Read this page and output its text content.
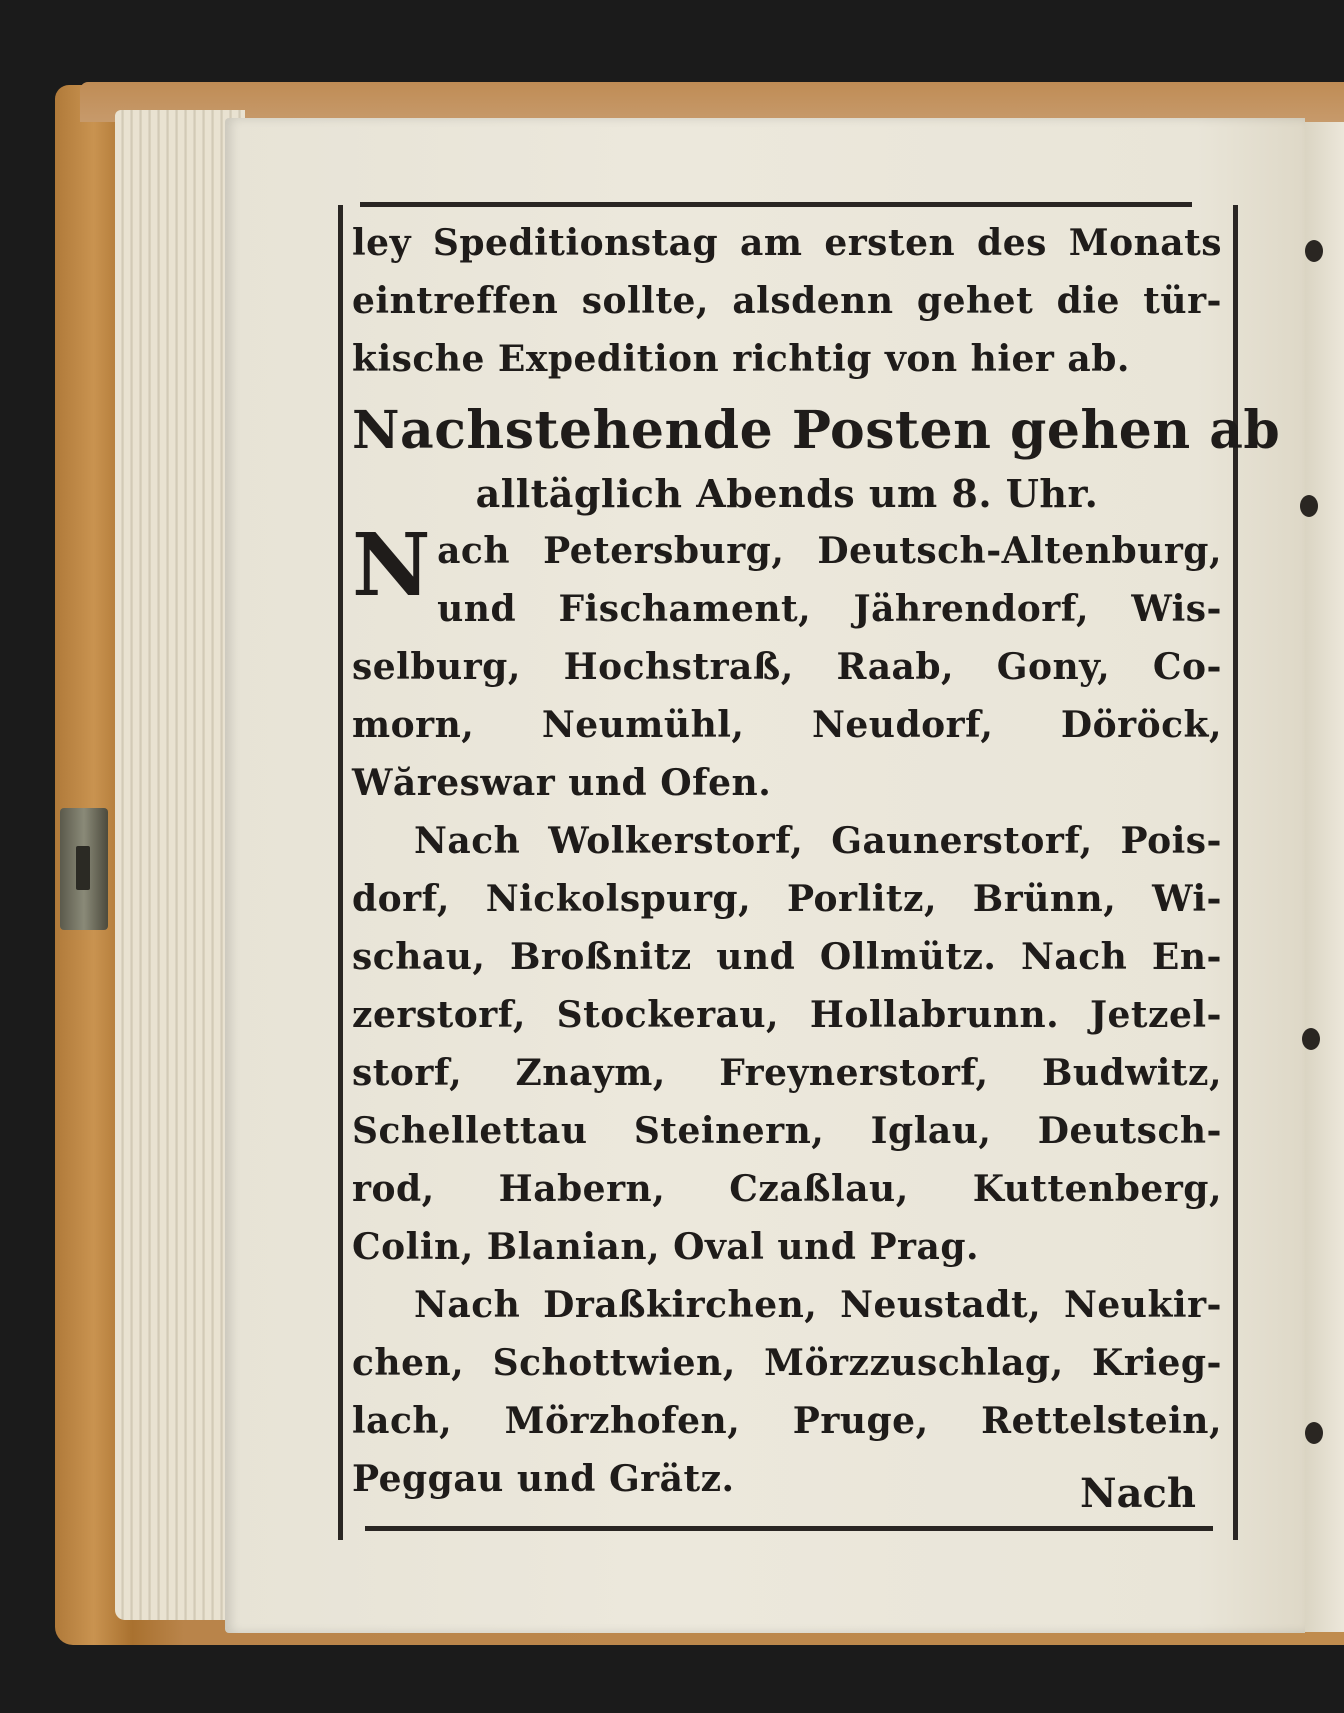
ley Speditionstag am ersten des Monats

eintreffen sollte, alsdenn gehet die tür-

kische Expedition richtig von hier ab.

Nachstehende Posten gehen ab

alltäglich Abends um 8. Uhr.

N ach Petersburg, Deutsch-Altenburg,

und Fischament, Jährendorf, Wis-

selburg, Hochstraß, Raab, Gony, Co-

morn, Neumühl, Neudorf, Döröck,

Wăreswar und Ofen.

Nach Wolkerstorf, Gaunerstorf, Pois-

dorf, Nickolspurg, Porlitz, Brünn, Wi-

schau, Broßnitz und Ollmütz. Nach En-

zerstorf, Stockerau, Hollabrunn. Jetzel-

storf, Znaym, Freynerstorf, Budwitz,

Schellettau Steinern, Iglau, Deutsch-

rod, Habern, Czaßlau, Kuttenberg,

Colin, Blanian, Oval und Prag.

Nach Draßkirchen, Neustadt, Neukir-

chen, Schottwien, Mörzzuschlag, Krieg-

lach, Mörzhofen, Pruge, Rettelstein,

Peggau und Grätz.	Nach
